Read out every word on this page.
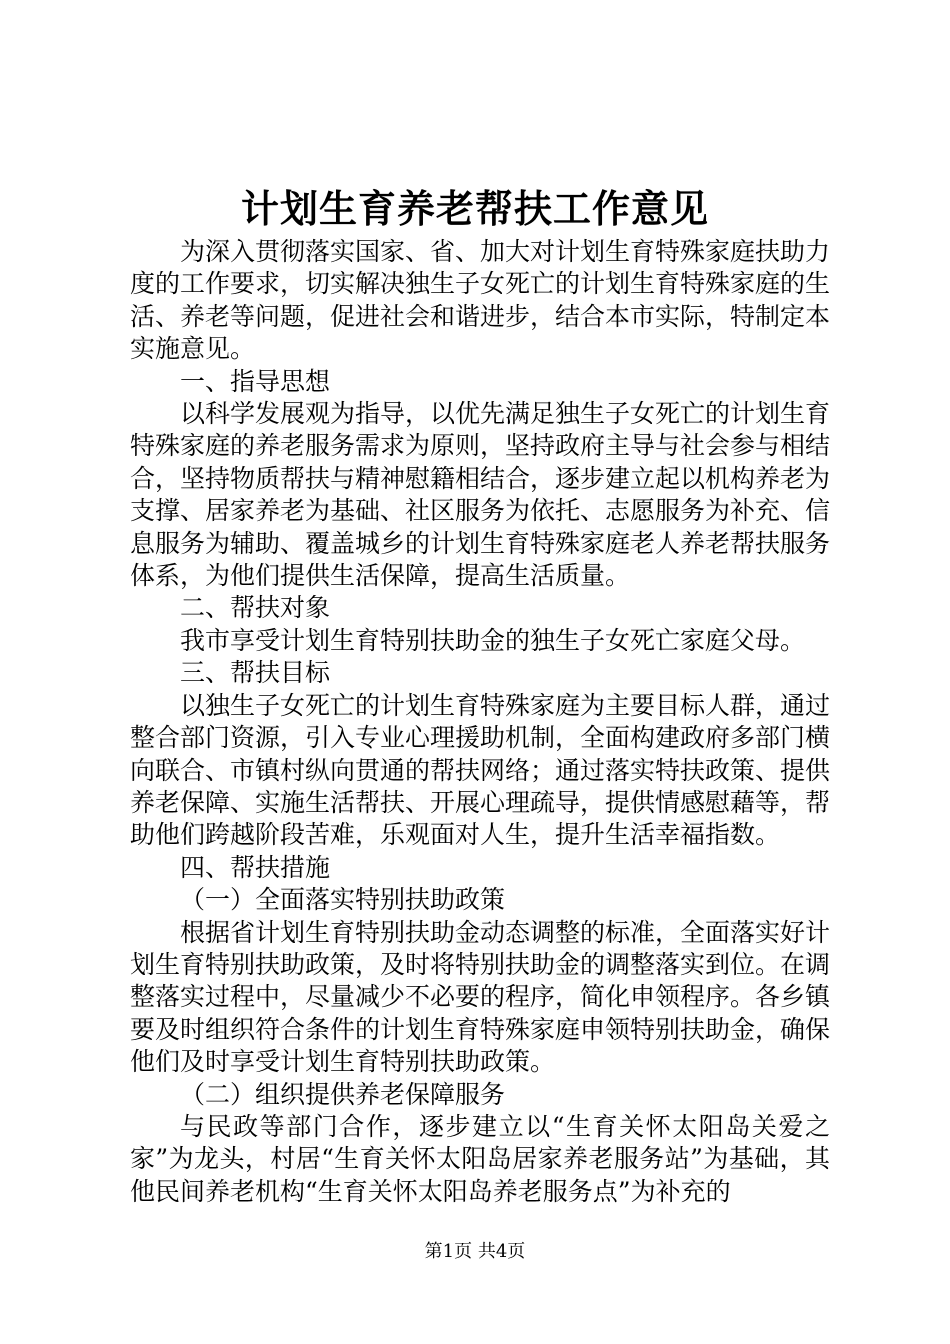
计划生育养老帮扶工作意见

为深入贯彻落实国家、省、加大对计划生育特殊家庭扶助力度的工作要求，切实解决独生子女死亡的计划生育特殊家庭的生活、养老等问题，促进社会和谐进步，结合本市实际，特制定本实施意见。

一、指导思想

以科学发展观为指导，以优先满足独生子女死亡的计划生育特殊家庭的养老服务需求为原则，坚持政府主导与社会参与相结合，坚持物质帮扶与精神慰籍相结合，逐步建立起以机构养老为支撑、居家养老为基础、社区服务为依托、志愿服务为补充、信息服务为辅助、覆盖城乡的计划生育特殊家庭老人养老帮扶服务体系，为他们提供生活保障，提高生活质量。

二、帮扶对象

我市享受计划生育特别扶助金的独生子女死亡家庭父母。

三、帮扶目标

以独生子女死亡的计划生育特殊家庭为主要目标人群，通过整合部门资源，引入专业心理援助机制，全面构建政府多部门横向联合、市镇村纵向贯通的帮扶网络；通过落实特扶政策、提供养老保障、实施生活帮扶、开展心理疏导，提供情感慰藉等，帮助他们跨越阶段苦难，乐观面对人生，提升生活幸福指数。

四、帮扶措施

（一）全面落实特别扶助政策

根据省计划生育特别扶助金动态调整的标准，全面落实好计划生育特别扶助政策，及时将特别扶助金的调整落实到位。在调整落实过程中，尽量减少不必要的程序，简化申领程序。各乡镇要及时组织符合条件的计划生育特殊家庭申领特别扶助金，确保他们及时享受计划生育特别扶助政策。

（二）组织提供养老保障服务

与民政等部门合作，逐步建立以“生育关怀太阳岛关爱之家”为龙头，村居“生育关怀太阳岛居家养老服务站”为基础，其他民间养老机构“生育关怀太阳岛养老服务点”为补充的

第1页 共4页
